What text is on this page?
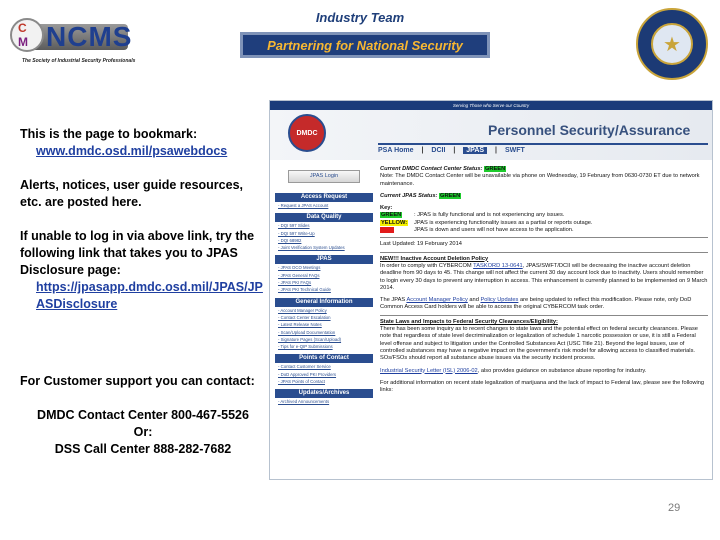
C
M NCMS
The Society of Industrial Security Professionals
Industry Team
Partnering for National Security	★

This is the page to bookmark:

www.dmdc.osd.mil/psawebdocs

Alerts, notices, user guide resources, etc. are posted here.

If unable to log in via above link, try the following link that takes you to JPAS Disclosure page:

https://jpasapp.dmdc.osd.mil/JPAS/JPASDisclosure

For Customer support you can contact:
DMDC Contact Center 800-467-5526
Or:
DSS Call Center 888-282-7682
29
Serving Those who Serve our Country
DMDC	Personnel Security/Assurance
PSA Home | DCII | JPAS | SWFT
JPAS Login
Access Request
- Request a JPAS Account
Data Quality
- DQI 597 Slides
- DQI 597 Write-Up
- DQI 68982
- Joint Verification System Updates
JPAS
- JPAS DCO Meetings
- JPAS General FAQs
- JPAS PKI FAQs
- JPAS PKI Technical Guide
General Information
- Account Manager Policy
- Contact Center Escalation
- Latest Release Notes
- Scan/Upload Documentation
- Signature Pages (Scan/Upload)
- Tips for e-QIP Submissions
Points of Contact
- Contact Customer Service
- DoD Approved PKI Providers
- JPAS Points of Contact
Updates/Archives
- Archived Announcements
Current DMDC Contact Center Status: GREEN
Note: The DMDC Contact Center will be unavailable via phone on Wednesday, 19 February from 0630-0730 ET due to network maintenance.
Current JPAS Status: GREEN
Key:
GREEN	: JPAS is fully functional and is not experiencing any issues.
YELLOW:	JPAS is experiencing functionality issues as a partial or reports outage.
RED	JPAS is down and users will not have access to the application.
Last Updated: 19 February 2014
NEW!!! Inactive Account Deletion Policy
In order to comply with CYBERCOM TASKORD 13-0641, JPAS/SWFT/DCII will be decreasing the inactive account deletion deadline from 90 days to 45. This change will not affect the current 30 day account lock due to inactivity. Users should remember to login every 30 days to prevent any interruption in access. This enhancement is currently planned to be implemented on 9 March 2014.
The JPAS Account Manager Policy and Policy Updates are being updated to reflect this modification. Please note, only DoD Common Access Card holders will be able to access the original CYBERCOM task order.
State Laws and Impacts to Federal Security Clearances/Eligibility:
There has been some inquiry as to recent changes to state laws and the potential effect on federal security clearances. Please note that regardless of state level decriminalization or legalization of schedule 1 narcotic possession or use, it is still a Federal level offense and subject to litigation under the Controlled Substances Act (USC Title 21). Beyond the legal issues, use of controlled substances may have a negative impact on the government's risk model for allowing access to classified materials. SOs/FSOs should report all substance abuse issues via the security incident process.
Industrial Security Letter (ISL) 2006-02, also provides guidance on substance abuse reporting for industry.
For additional information on recent state legalization of marijuana and the lack of impact to Federal law, please see the following links:
